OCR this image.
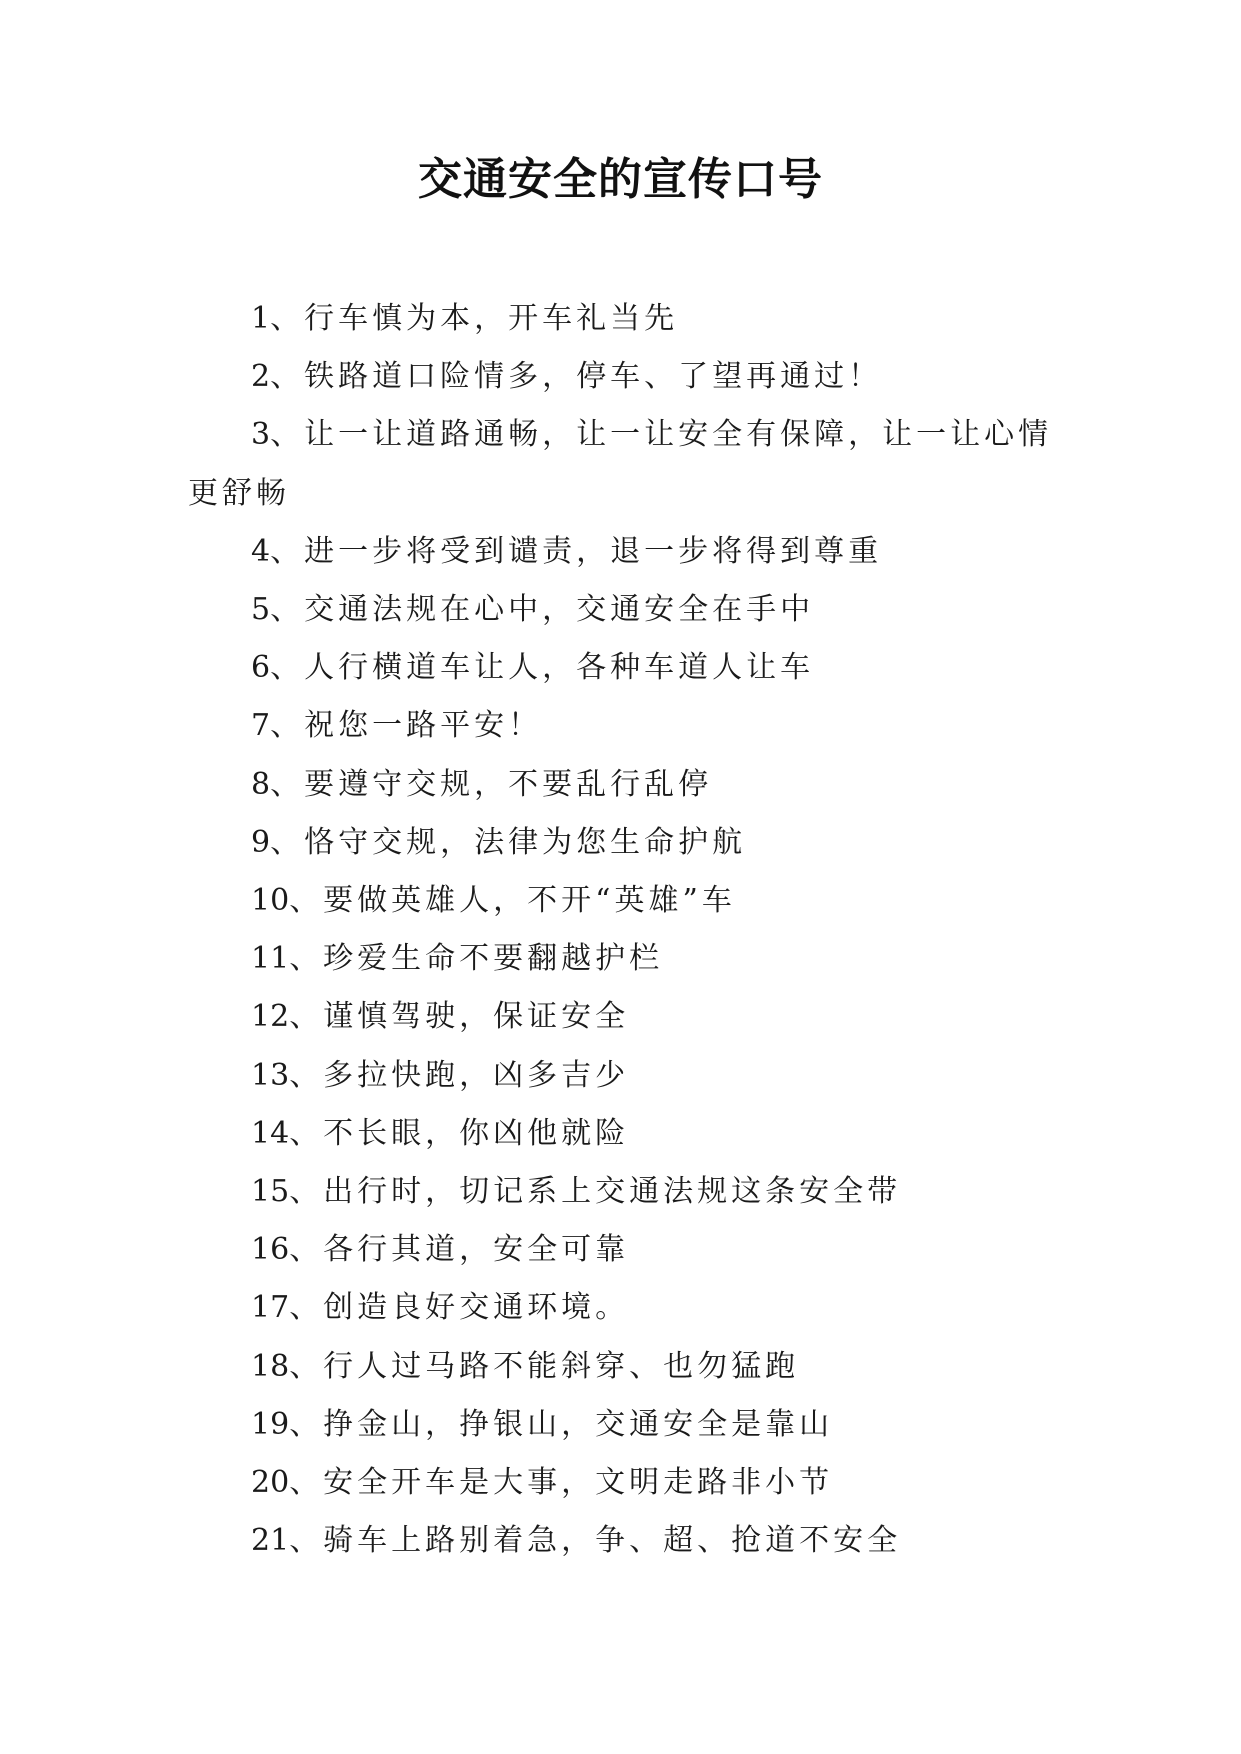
交通安全的宣传口号

1、行车慎为本，开车礼当先

2、铁路道口险情多，停车、了望再通过！

3、让一让道路通畅，让一让安全有保障，让一让心情更舒畅

4、进一步将受到谴责，退一步将得到尊重

5、交通法规在心中，交通安全在手中

6、人行横道车让人，各种车道人让车

7、祝您一路平安！

8、要遵守交规，不要乱行乱停

9、恪守交规，法律为您生命护航

10、要做英雄人，不开“英雄”车

11、珍爱生命不要翻越护栏

12、谨慎驾驶，保证安全

13、多拉快跑，凶多吉少

14、不长眼，你凶他就险

15、出行时，切记系上交通法规这条安全带

16、各行其道，安全可靠

17、创造良好交通环境。

18、行人过马路不能斜穿、也勿猛跑

19、挣金山，挣银山，交通安全是靠山

20、安全开车是大事，文明走路非小节

21、骑车上路别着急，争、超、抢道不安全
